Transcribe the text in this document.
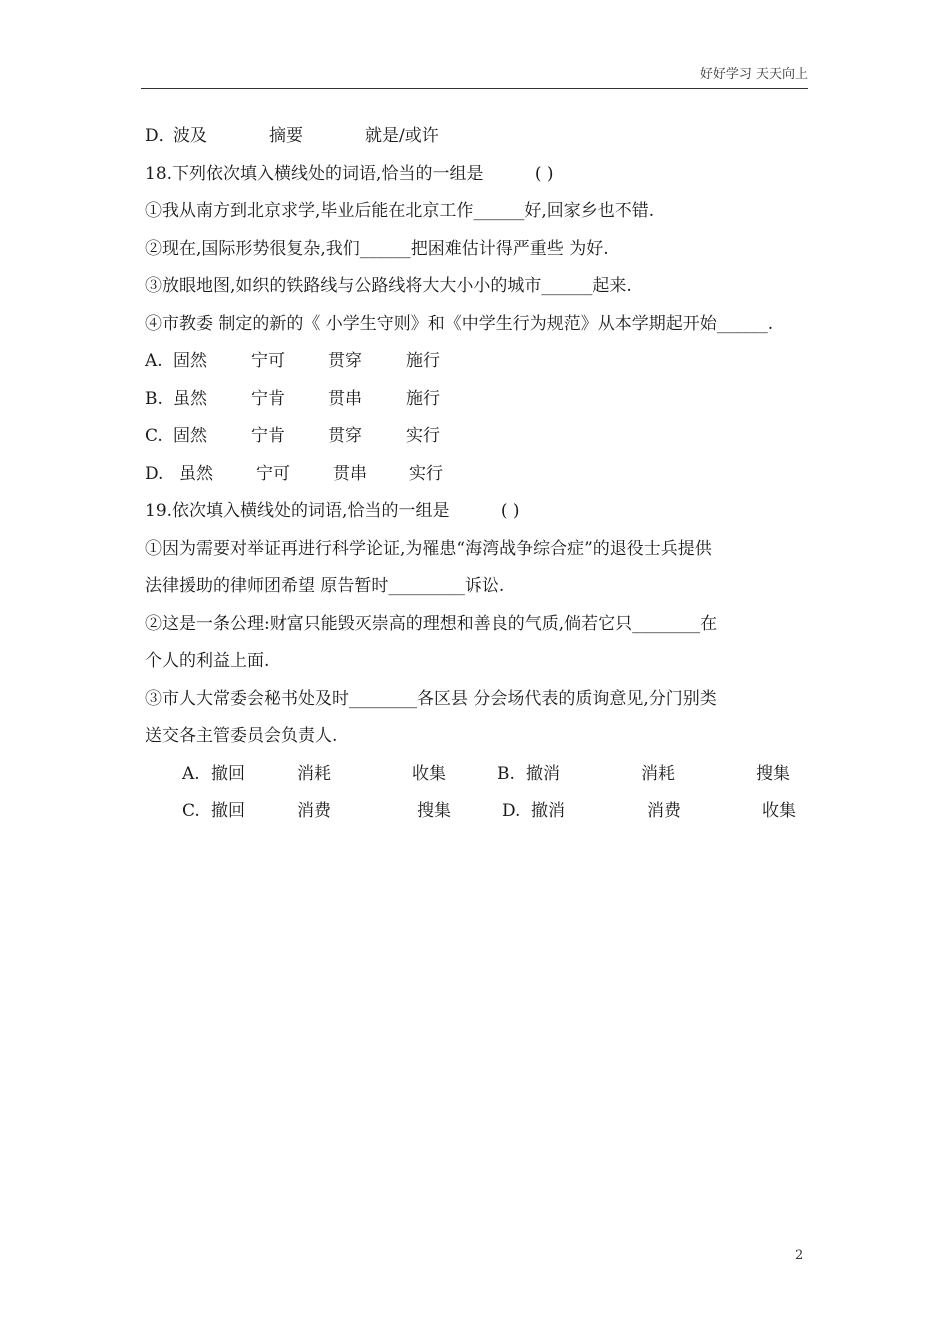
好好学习 天天向上
D．波及	摘要	就是/或许
18.下列依次填入横线处的词语,恰当的一组是	( )
①我从南方到北京求学,毕业后能在北京工作______好,回家乡也不错.
②现在,国际形势很复杂,我们______把困难估计得严重些 为好.
③放眼地图,如织的铁路线与公路线将大大小小的城市______起来.
④市教委 制定的新的《 小学生守则》和《中学生行为规范》从本学期起开始______.
A. 固然	宁可	贯穿	施行
B. 虽然	宁肯	贯串	施行
C. 固然	宁肯	贯穿	实行
D. 虽然	宁可	贯串 实行
19.依次填入横线处的词语,恰当的一组是	( )
①因为需要对举证再进行科学论证,为罹患“海湾战争综合症”的退役士兵提供
法律援助的律师团希望 原告暂时_________诉讼.
②这是一条公理:财富只能毁灭崇高的理想和善良的气质,倘若它只________在
个人的利益上面.
③市人大常委会秘书处及时________各区县 分会场代表的质询意见,分门别类
送交各主管委员会负责人.
A. 撤回	消耗	收集	B. 撤消	消耗	搜集
C. 撤回	消费	搜集	D. 撤消	消费	收集
2
